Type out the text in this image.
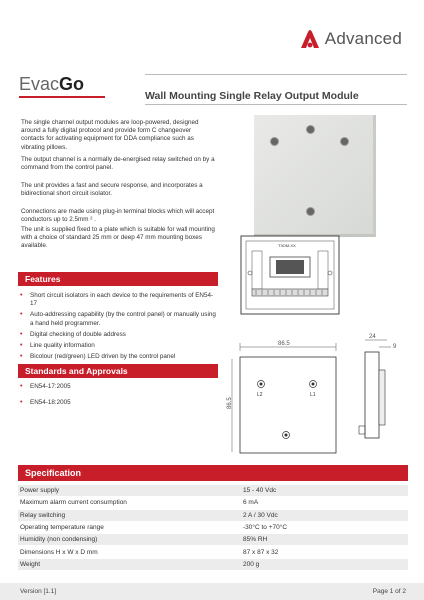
Advanced
EvacGo
Wall Mounting Single Relay Output Module
The single channel output modules are loop-powered, designed around a fully digital protocol and provide form C changeover contacts for activating equipment for DDA compliance such as vibrating pillows.
The output channel is a normally de-energised relay switched on by a command from the control panel.
The unit provides a fast and secure response, and incorporates a bidirectional short circuit isolator.
Connections are made using plug-in terminal blocks which will accept conductors up to 2.5mm ² .
The unit is supplied fixed to a plate which is suitable for wall mounting with a choice of standard 25 mm or deep 47 mm mounting boxes available.
Features
• Short circuit isolators in each device to the requirements of EN54-17
• Auto-addressing capability (by the control panel) or manually using a hand held programmer.
• Digital checking of double address
• Line quality information
• Bicolour (red/green) LED driven by the control panel
Standards and Approvals
• EN54-17:2005
• EN54-18:2005
T3OM-XX
86.5
86.5
L2	L1
24
9
Specification
Power supply	15 - 40 Vdc
Maximum alarm current consumption	6 mA
Relay switching	2 A / 30 Vdc
Operating temperature range	-30°C to +70°C
Humidity (non condensing)	85% RH
Dimensions H x W x D mm	87 x 87 x 32
Weight	200 g
Version [1.1]	Page 1 of 2
